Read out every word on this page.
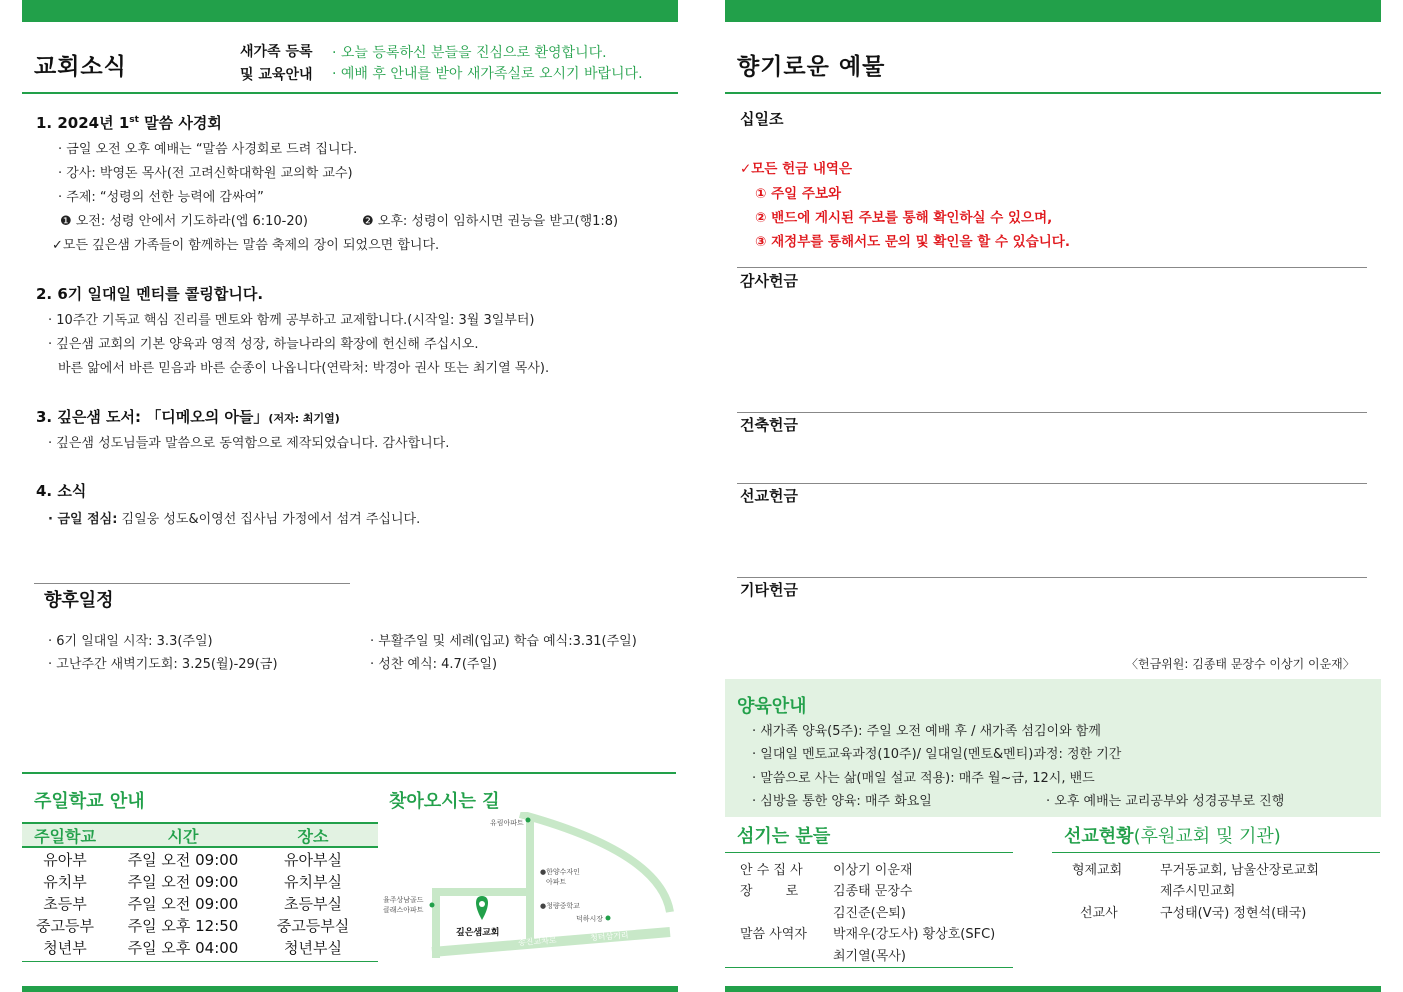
교회소식
새가족 등록
및 교육안내
· 오늘 등록하신 분들을 진심으로 환영합니다.
· 예배 후 안내를 받아 새가족실로 오시기 바랍니다.
1. 2024년 1st 말씀 사경회
· 금일 오전 오후 예배는 “말씀 사경회로 드려 집니다.
· 강사: 박영돈 목사(전 고려신학대학원 교의학 교수)
· 주제: “성령의 선한 능력에 감싸여”
❶ 오전: 성령 안에서 기도하라(엡 6:10-20)	❷ 오후: 성령이 임하시면 권능을 받고(행1:8)
✓모든 깊은샘 가족들이 함께하는 말씀 축제의 장이 되었으면 합니다.
2. 6기 일대일 멘티를 콜링합니다.
· 10주간 기독교 핵심 진리를 멘토와 함께 공부하고 교제합니다.(시작일: 3월 3일부터)
· 깊은샘 교회의 기본 양육과 영적 성장, 하늘나라의 확장에 헌신해 주십시오.
바른 앎에서 바른 믿음과 바른 순종이 나옵니다(연락처: 박경아 권사 또는 최기열 목사).
3. 깊은샘 도서: 「디메오의 아들」(저자: 최기열)
· 깊은샘 성도님들과 말씀으로 동역함으로 제작되었습니다. 감사합니다.
4. 소식
· 금일 점심: 김일웅 성도&이영선 집사님 가정에서 섬겨 주십니다.
향후일정
· 6기 일대일 시작: 3.3(주일)
· 고난주간 새벽기도회: 3.25(월)-29(금)
· 부활주일 및 세례(입교) 학습 예식:3.31(주일)
· 성찬 예식: 4.7(주일)
주일학교 안내
주일학교	시간	장소
유아부	주일 오전 09:00	유아부실
유치부	주일 오전 09:00	유치부실
초등부	주일 오전 09:00	초등부실
중고등부	주일 오후 12:50	중고등부실
청년부	주일 오후 04:00	청년부실
찾아오시는 길
유림아파트
●한양수자인
아파트
율주상남골드
클래스아파트	●청량중학교
덕하시장
깊은샘교회
송진교차로	청터삼거리
향기로운 예물
십일조
✓모든 헌금 내역은
① 주일 주보와
② 밴드에 게시된 주보를 통해 확인하실 수 있으며,
③ 재정부를 통해서도 문의 및 확인을 할 수 있습니다.
감사헌금
건축헌금
선교헌금
기타헌금
〈헌금위원: 김종태 문장수 이상기 이운재〉
양육안내
· 새가족 양육(5주): 주일 오전 예배 후 / 새가족 섬김이와 함께
· 일대일 멘토교육과정(10주)/ 일대일(멘토&멘티)과정: 정한 기간
· 말씀으로 사는 삶(매일 설교 적용): 매주 월~금, 12시, 밴드
· 심방을 통한 양육: 매주 화요일	· 오후 예배는 교리공부와 성경공부로 진행
섬기는 분들
안 수 집 사 이상기 이운재
장        로	김종태 문장수
김진준(은퇴)
말씀 사역자 박재우(강도사) 황상호(SFC)
최기열(목사)
선교현황(후원교회 및 기관)
형제교회	무거동교회, 남울산장로교회
제주시민교회
선교사	구성태(V국) 정현석(태국)
